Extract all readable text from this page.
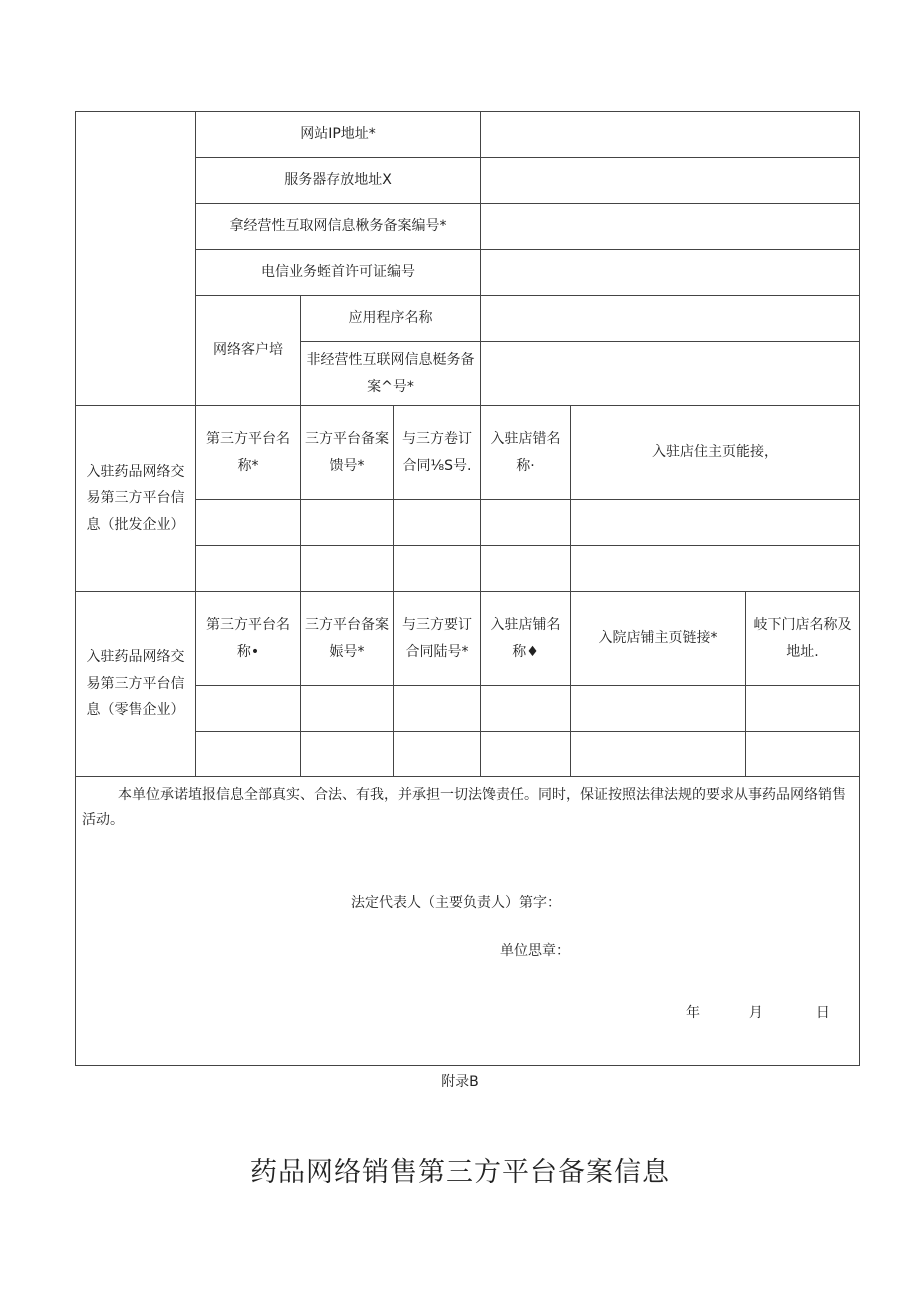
网站IP地址*
服务器存放地址X
拿经营性互取网信息楸务备案编号*
电信业务蛭首许可证编号
网络客户培
应用程序名称
非经营性互联网信息梃务备案^号*
入驻药品网络交易第三方平台信息（批发企业）
第三方平台名称*
三方平台备案馈号*
与三方卷订合同⅛S号.
入驻店错名称·
入驻店住主页能接，
入驻药品网络交易第三方平台信息（零售企业）
第三方平台名称•
三方平台备案娠号*
与三方要订合同陆号*
入驻店铺名称♦
入院店铺主页链接*
岐下门店名称及地址.
本单位承诺埴报信息全部真实、合法、有我，并承担一切法馋责任。同时，保证按照法律法规的要求从事药品网络销售活动。
法定代表人（主要负责人）第字：
单位思章：
年	月	日
附录B
药品网络销售第三方平台备案信息
